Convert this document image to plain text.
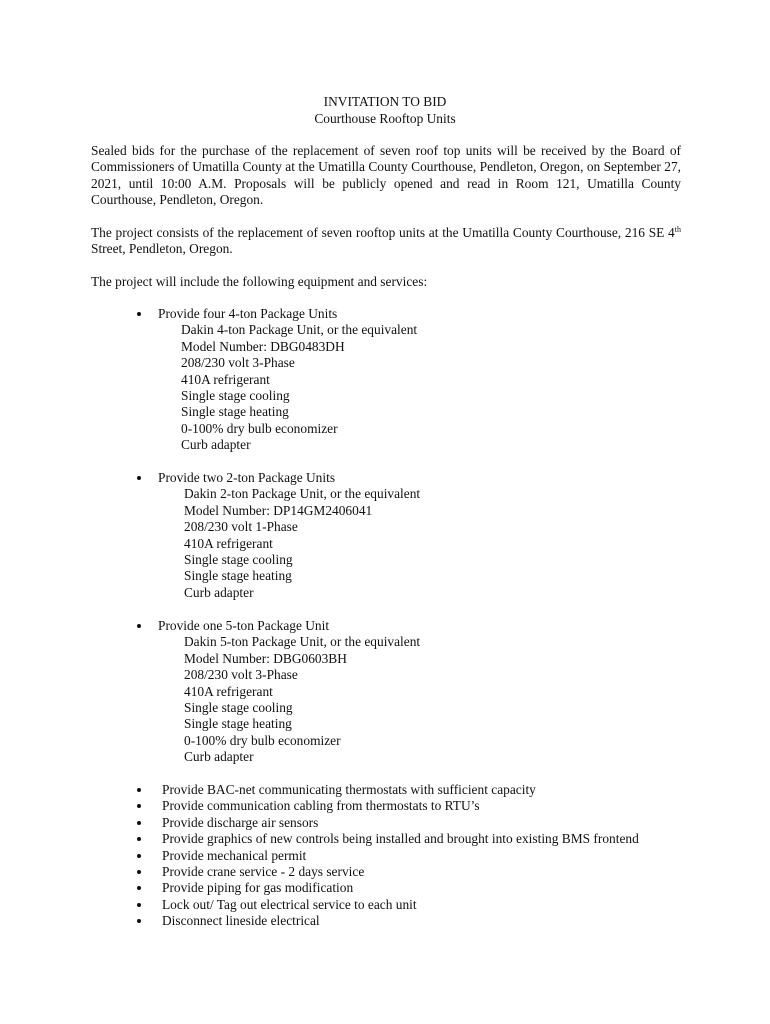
INVITATION TO BID
Courthouse Rooftop Units
Sealed bids for the purchase of the replacement of seven roof top units will be received by the Board of Commissioners of Umatilla County at the Umatilla County Courthouse, Pendleton, Oregon, on September 27, 2021, until 10:00 A.M. Proposals will be publicly opened and read in Room 121, Umatilla County Courthouse, Pendleton, Oregon.
The project consists of the replacement of seven rooftop units at the Umatilla County Courthouse, 216 SE 4th Street, Pendleton, Oregon.
The project will include the following equipment and services:
Provide four 4-ton Package Units
Dakin 4-ton Package Unit, or the equivalent
Model Number: DBG0483DH
208/230 volt 3-Phase
410A refrigerant
Single stage cooling
Single stage heating
0-100% dry bulb economizer
Curb adapter
Provide two 2-ton Package Units
Dakin 2-ton Package Unit, or the equivalent
Model Number: DP14GM2406041
208/230 volt 1-Phase
410A refrigerant
Single stage cooling
Single stage heating
Curb adapter
Provide one 5-ton Package Unit
Dakin 5-ton Package Unit, or the equivalent
Model Number: DBG0603BH
208/230 volt 3-Phase
410A refrigerant
Single stage cooling
Single stage heating
0-100% dry bulb economizer
Curb adapter
Provide BAC-net communicating thermostats with sufficient capacity
Provide communication cabling from thermostats to RTU’s
Provide discharge air sensors
Provide graphics of new controls being installed and brought into existing BMS frontend
Provide mechanical permit
Provide crane service - 2 days service
Provide piping for gas modification
Lock out/ Tag out electrical service to each unit
Disconnect lineside electrical
